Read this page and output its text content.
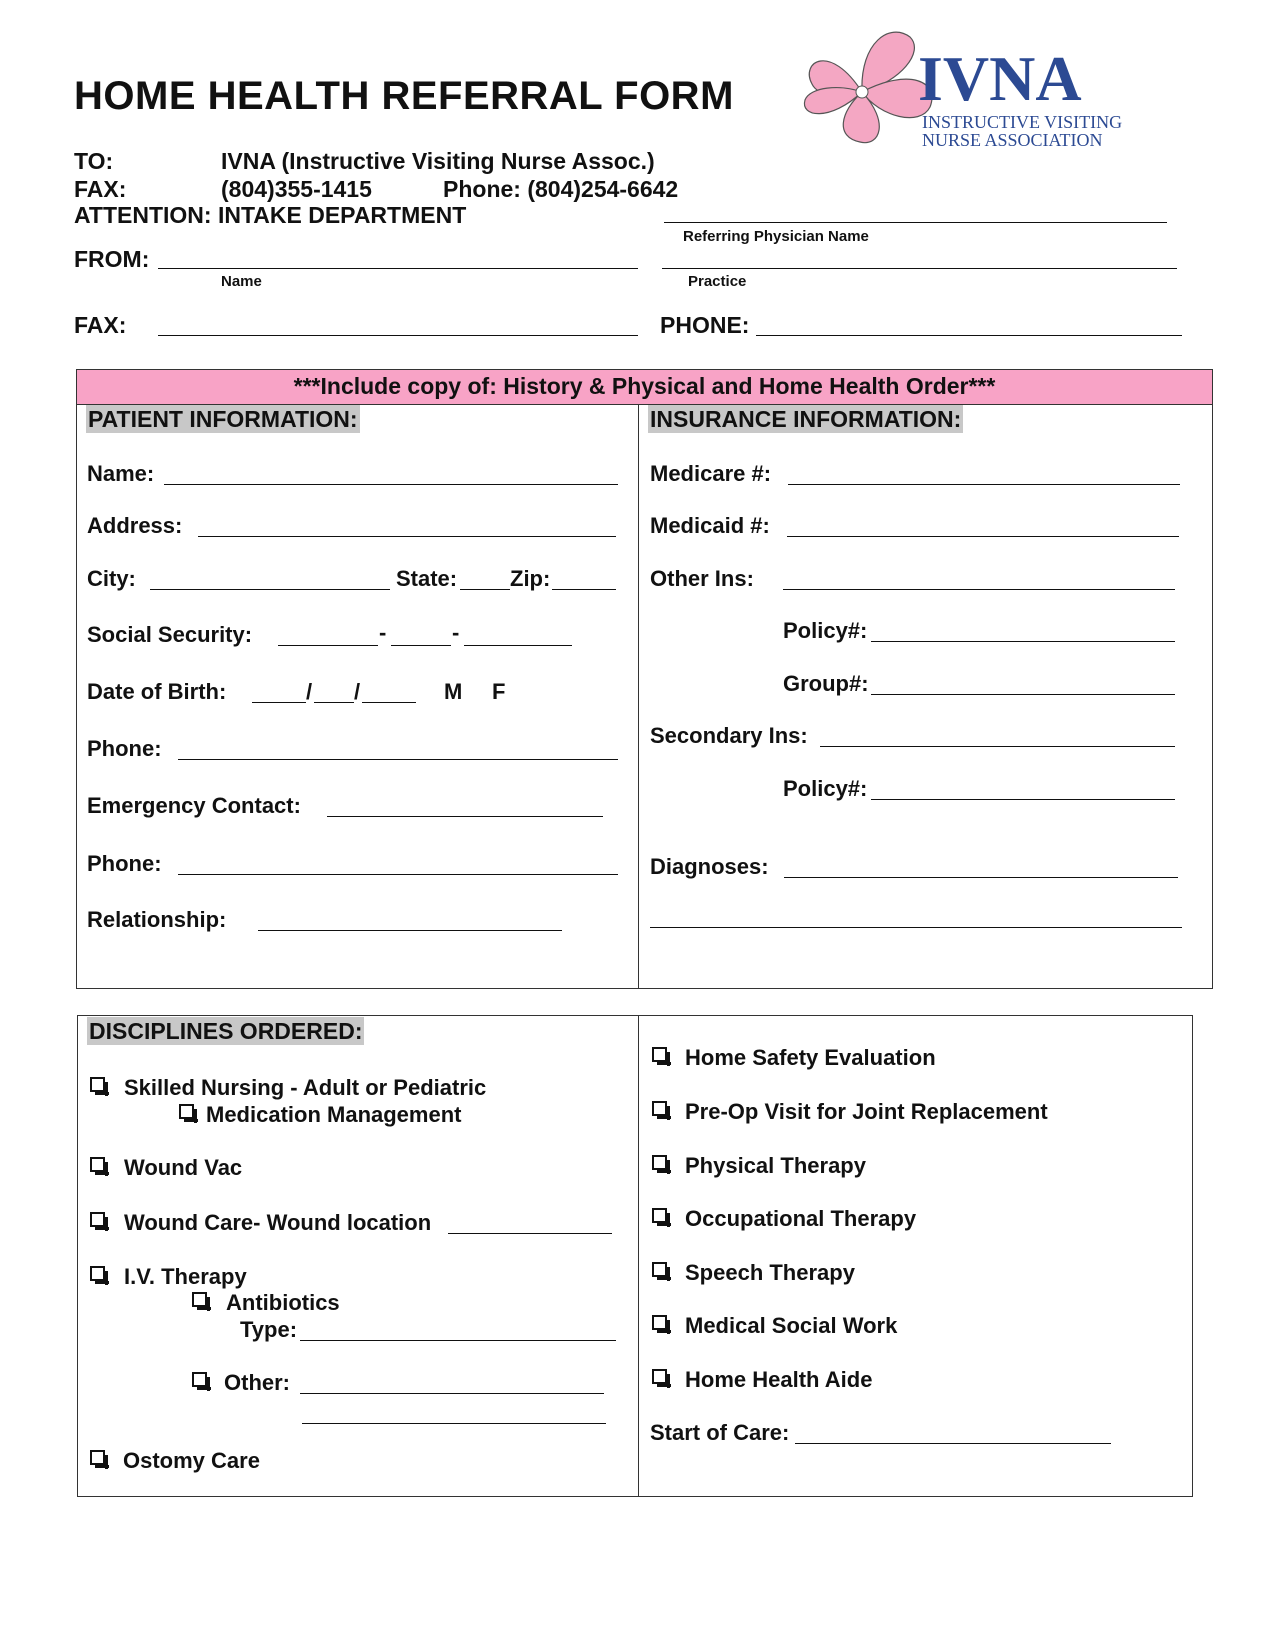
HOME HEALTH REFERRAL FORM	IVNA
INSTRUCTIVE VISITING
NURSE ASSOCIATION
TO:	IVNA (Instructive Visiting Nurse Assoc.)
FAX:	(804)355-1415	Phone: (804)254-6642
ATTENTION: INTAKE DEPARTMENT
Referring Physician Name
FROM:
Name	Practice
FAX:	PHONE:
***Include copy of: History & Physical and Home Health Order***
PATIENT INFORMATION:	INSURANCE INFORMATION:
Name:
Address:
City:	State: Zip:
Social Security:	-	-
Date of Birth:	/ /	M F
Phone:
Emergency Contact:
Phone:
Relationship:
Medicare #:
Medicaid #:
Other Ins:
Policy#:
Group#:
Secondary Ins:
Policy#:
Diagnoses:
DISCIPLINES ORDERED:
Skilled Nursing - Adult or Pediatric
Medication Management
Wound Vac
Wound Care- Wound location
I.V. Therapy
Antibiotics
Type:
Other:
Ostomy Care
Home Safety Evaluation
Pre-Op Visit for Joint Replacement
Physical Therapy
Occupational Therapy
Speech Therapy
Medical Social Work
Home Health Aide
Start of Care:
